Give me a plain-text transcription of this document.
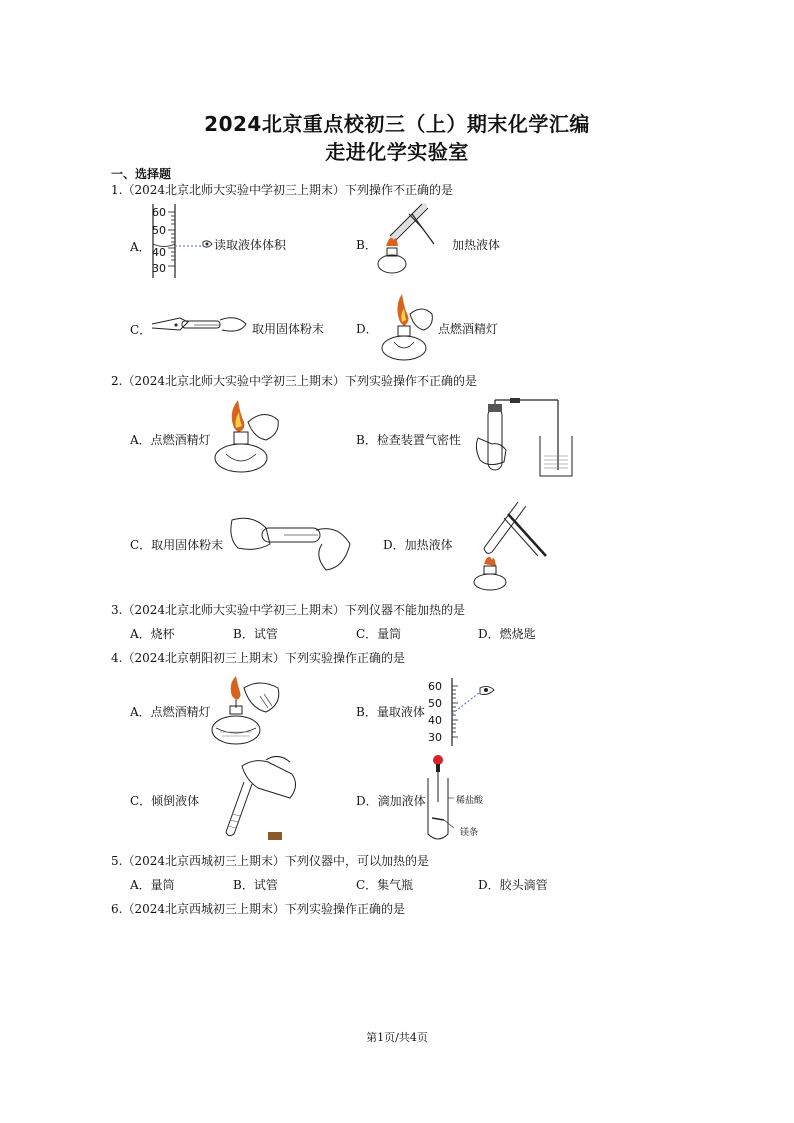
2024北京重点校初三（上）期末化学汇编
走进化学实验室
一、选择题
1.（2024北京北师大实验中学初三上期末）下列操作不正确的是
A．
60
50
40
30
读取液体体积	B．	加热液体
C．	取用固体粉末	D．	点燃酒精灯
2.（2024北京北师大实验中学初三上期末）下列实验操作不正确的是
A．点燃酒精灯	B．检查装置气密性
C．取用固体粉末	D．加热液体
3.（2024北京北师大实验中学初三上期末）下列仪器不能加热的是
A．烧杯	B．试管	C．量筒	D．燃烧匙
4.（2024北京朝阳初三上期末）下列实验操作正确的是
A．点燃酒精灯	B．量取液体
60
50
40
30
C．倾倒液体	D．滴加液体	稀盐酸
镁条
5.（2024北京西城初三上期末）下列仪器中，可以加热的是
A．量筒	B．试管	C．集气瓶	D．胶头滴管
6.（2024北京西城初三上期末）下列实验操作正确的是
第1页/共4页
